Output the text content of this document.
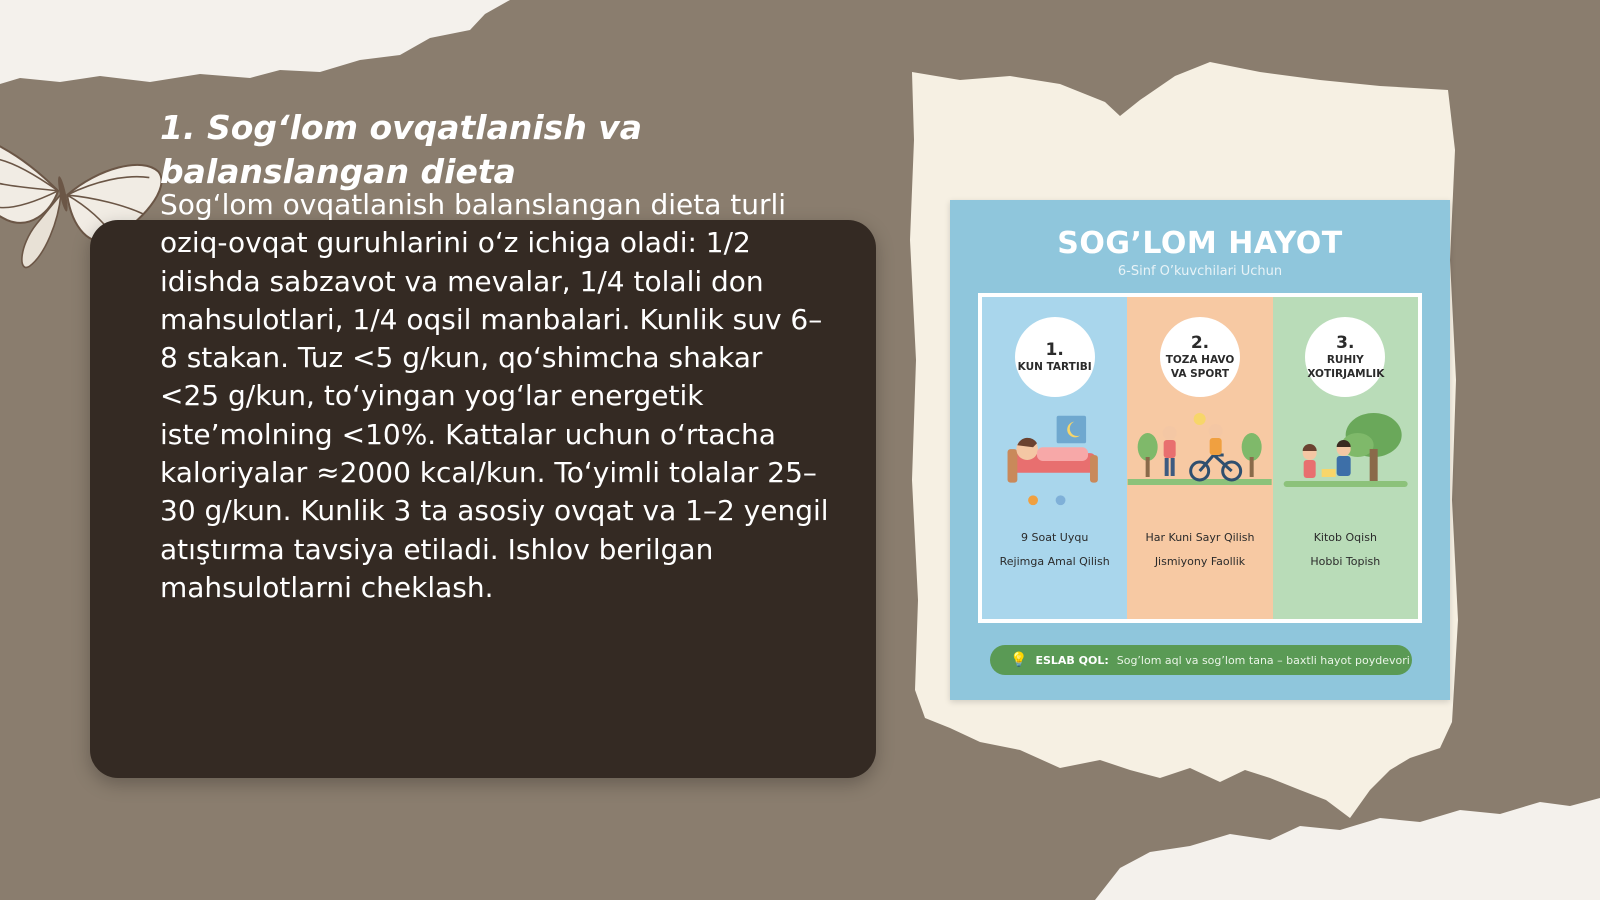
1. Sog‘lom ovqatlanish va balanslangan dieta

Sog‘lom ovqatlanish balanslangan dieta turli oziq-ovqat guruhlarini o‘z ichiga oladi: 1/2 idishda sabzavot va mevalar, 1/4 tolali don mahsulotlari, 1/4 oqsil manbalari. Kunlik suv 6–8 stakan. Tuz <5 g/kun, qo‘shimcha shakar <25 g/kun, to‘yingan yog‘lar energetik iste’molning <10%. Kattalar uchun o‘rtacha kaloriyalar ≈2000 kcal/kun. To‘yimli tolalar 25–30 g/kun. Kunlik 3 ta asosiy ovqat va 1–2 yengil atıştırma tavsiya etiladi. Ishlov berilgan mahsulotlarni cheklash.

SOG’LOM HAYOT
6-Sinf O’kuvchilari Uchun
1.
KUN TARTIBI
9 Soat Uyqu
Rejimga Amal Qilish
2.
TOZA HAVO VA SPORT
Har Kuni Sayr Qilish
Jismiyony Faollik
3.
RUHIY XOTIRJAMLIK
Kitob Oqish
Hobbi Topish
💡 ESLAB QOL: Sog’lom aql va sog’lom tana – baxtli hayot poydevori
